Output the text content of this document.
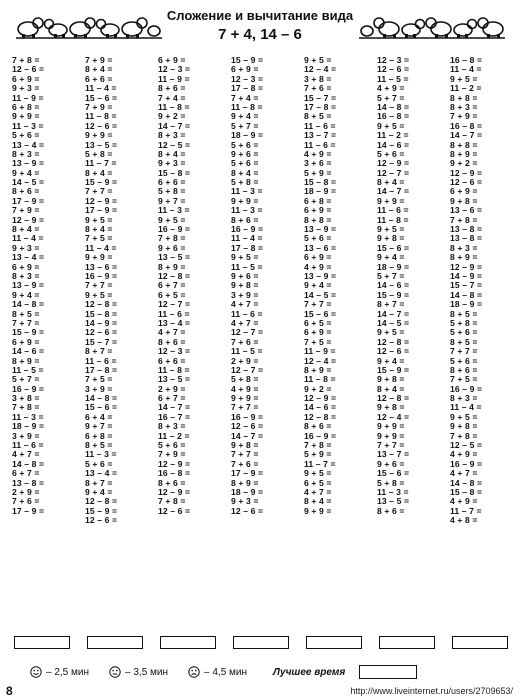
Сложение и вычитание вида
7 + 4, 14 – 6
7 + 8 =
12 – 6 =
6 + 9 =
9 + 3 =
11 – 9 =
6 + 8 =
9 + 9 =
11 – 3 =
5 + 6 =
13 – 4 =
8 + 3 =
13 – 9 =
9 + 4 =
14 – 5 =
8 + 6 =
17 – 9 =
7 + 9 =
12 – 9 =
8 + 4 =
11 – 4 =
9 + 3 =
13 – 4 =
6 + 9 =
8 + 3 =
13 – 9 =
9 + 4 =
14 – 8 =
8 + 5 =
7 + 7 =
15 – 9 =
6 + 9 =
14 – 6 =
8 + 9 =
11 – 5 =
5 + 7 =
16 – 9 =
3 + 8 =
7 + 8 =
11 – 3 =
18 – 9 =
3 + 9 =
11 – 6 =
4 + 7 =
14 – 8 =
6 + 7 =
13 – 8 =
2 + 9 =
7 + 6 =
17 – 9 =
7 + 9 =
8 + 4 =
6 + 6 =
11 – 4 =
15 – 6 =
7 + 9 =
11 – 8 =
12 – 6 =
9 + 9 =
13 – 5 =
5 + 8 =
11 – 7 =
8 + 4 =
15 – 9 =
7 + 7 =
12 – 9 =
17 – 9 =
9 + 5 =
8 + 4 =
7 + 5 =
11 – 4 =
9 + 9 =
13 – 6 =
16 – 9 =
7 + 7 =
9 + 5 =
12 – 8 =
15 – 8 =
14 – 9 =
12 – 6 =
15 – 7 =
8 + 7 =
11 – 6 =
17 – 8 =
7 + 5 =
3 + 9 =
14 – 8 =
15 – 6 =
6 + 4 =
9 + 7 =
6 + 8 =
8 + 5 =
11 – 3 =
5 + 6 =
13 – 4 =
8 + 7 =
9 + 4 =
12 – 8 =
15 – 9 =
12 – 6 =
6 + 9 =
12 – 3 =
11 – 9 =
8 + 6 =
7 + 4 =
11 – 8 =
9 + 2 =
14 – 7 =
8 + 3 =
12 – 5 =
8 + 4 =
9 + 3 =
15 – 8 =
6 + 6 =
5 + 8 =
9 + 7 =
11 – 3 =
9 + 5 =
16 – 9 =
7 + 8 =
9 + 6 =
13 – 5 =
8 + 9 =
12 – 8 =
6 + 7 =
6 + 5 =
12 – 7 =
11 – 6 =
13 – 4 =
4 + 7 =
8 + 6 =
12 – 3 =
6 + 6 =
11 – 8 =
13 – 5 =
2 + 9 =
6 + 7 =
14 – 7 =
16 – 7 =
8 + 3 =
11 – 2 =
5 + 6 =
7 + 9 =
12 – 9 =
16 – 8 =
8 + 6 =
12 – 9 =
7 + 8 =
12 – 6 =
15 – 9 =
6 + 9 =
12 – 3 =
17 – 8 =
7 + 4 =
11 – 8 =
9 + 4 =
5 + 7 =
18 – 9 =
5 + 6 =
9 + 6 =
5 + 6 =
8 + 4 =
5 + 8 =
11 – 3 =
9 + 9 =
11 – 3 =
8 + 6 =
16 – 9 =
11 – 4 =
17 – 8 =
9 + 5 =
11 – 5 =
9 + 6 =
9 + 8 =
3 + 9 =
4 + 7 =
11 – 6 =
4 + 7 =
12 – 7 =
7 + 6 =
11 – 5 =
2 + 9 =
12 – 7 =
5 + 8 =
4 + 9 =
9 + 9 =
7 + 7 =
16 – 9 =
12 – 6 =
14 – 7 =
9 + 8 =
7 + 7 =
7 + 6 =
17 – 9 =
8 + 9 =
18 – 9 =
9 + 3 =
12 – 6 =
9 + 5 =
12 – 4 =
3 + 8 =
7 + 6 =
15 – 7 =
17 – 8 =
8 + 5 =
11 – 6 =
13 – 7 =
11 – 6 =
4 + 9 =
3 + 6 =
5 + 9 =
15 – 8 =
18 – 9 =
6 + 8 =
6 + 9 =
8 + 8 =
13 – 9 =
5 + 6 =
13 – 6 =
6 + 9 =
4 + 9 =
13 – 9 =
9 + 4 =
14 – 5 =
7 + 7 =
15 – 6 =
6 + 5 =
6 + 9 =
7 + 5 =
11 – 9 =
12 – 4 =
8 + 9 =
11 – 8 =
9 + 2 =
12 – 9 =
14 – 6 =
12 – 8 =
8 + 6 =
16 – 9 =
7 + 8 =
5 + 9 =
11 – 7 =
9 + 5 =
6 + 5 =
4 + 7 =
8 + 4 =
9 + 9 =
12 – 3 =
12 – 6 =
11 – 5 =
4 + 9 =
5 + 7 =
14 – 8 =
16 – 8 =
9 + 5 =
11 – 2 =
14 – 6 =
5 + 6 =
12 – 9 =
12 – 7 =
8 + 4 =
14 – 7 =
9 + 9 =
11 – 6 =
11 – 8 =
9 + 5 =
9 + 8 =
15 – 6 =
9 + 4 =
18 – 9 =
5 + 7 =
14 – 6 =
15 – 9 =
8 + 7 =
14 – 7 =
14 – 5 =
9 + 5 =
12 – 8 =
12 – 6 =
9 + 4 =
15 – 9 =
9 + 8 =
8 + 4 =
12 – 8 =
9 + 8 =
12 – 4 =
9 + 9 =
9 + 9 =
7 + 7 =
13 – 7 =
9 + 6 =
15 – 6 =
5 + 8 =
11 – 3 =
13 – 5 =
8 + 6 =
16 – 8 =
11 – 4 =
9 + 5 =
11 – 2 =
8 + 8 =
8 + 3 =
7 + 9 =
16 – 8 =
14 – 7 =
8 + 8 =
8 + 9 =
9 + 2 =
12 – 9 =
12 – 6 =
6 + 9 =
9 + 8 =
13 – 6 =
7 + 8 =
13 – 8 =
13 – 8 =
8 + 3 =
8 + 9 =
12 – 9 =
14 – 9 =
15 – 7 =
14 – 8 =
18 – 9 =
8 + 5 =
5 + 8 =
5 + 6 =
8 + 5 =
7 + 7 =
5 + 6 =
8 + 6 =
7 + 5 =
16 – 9 =
8 + 3 =
11 – 4 =
9 + 5 =
9 + 8 =
7 + 8 =
12 – 5 =
4 + 9 =
16 – 9 =
4 + 7 =
14 – 8 =
15 – 8 =
4 + 9 =
11 – 7 =
4 + 8 =
– 2,5 мин	– 3,5 мин	– 4,5 мин	Лучшее время
8	http://www.liveinternet.ru/users/2709653/
